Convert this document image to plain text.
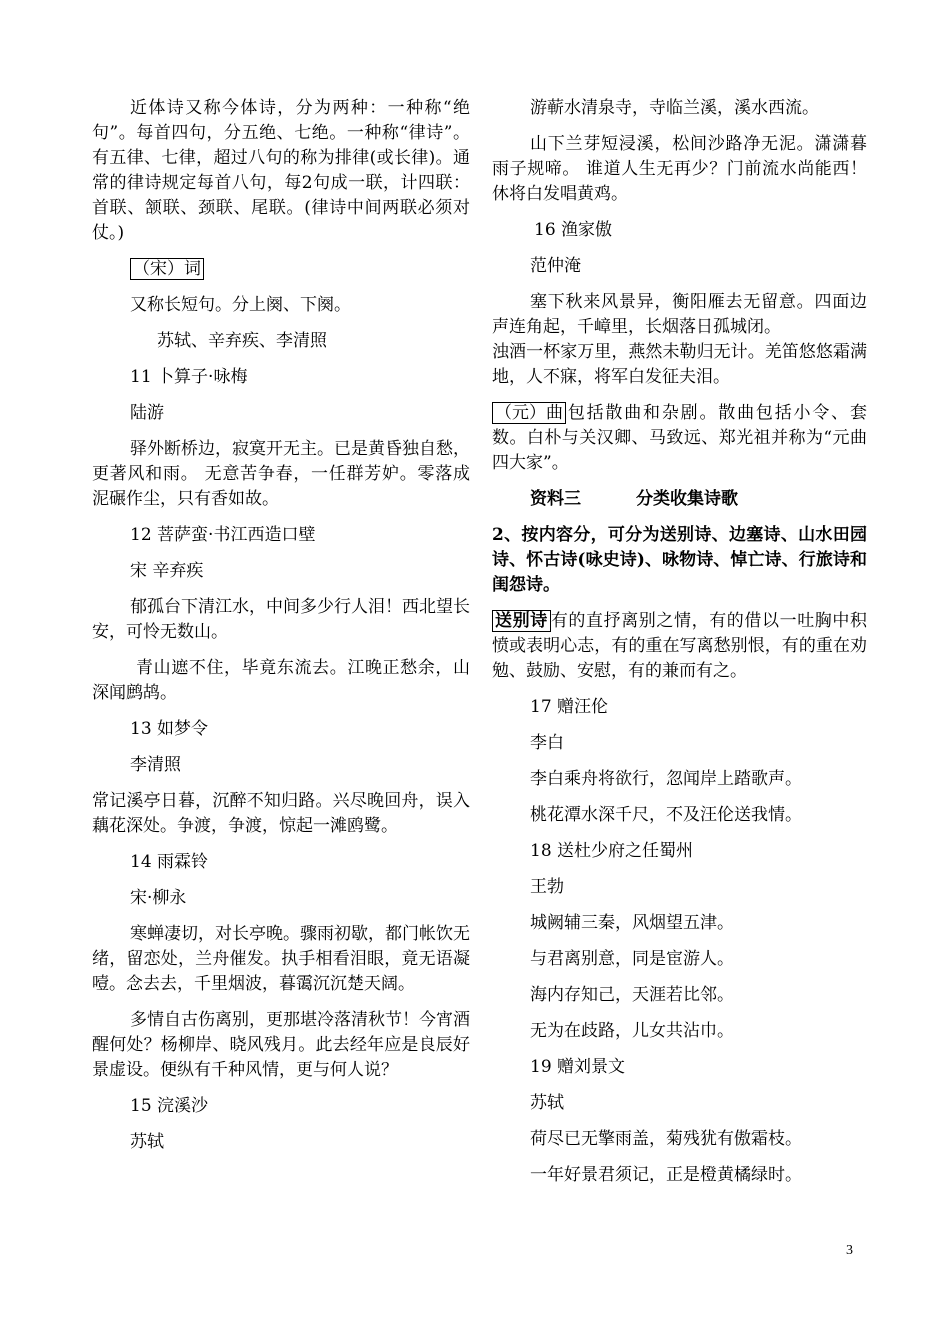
近体诗又称今体诗，分为两种：一种称“绝句”。每首四句，分五绝、七绝。一种称“律诗”。有五律、七律，超过八句的称为排律(或长律)。通常的律诗规定每首八句，每2句成一联，计四联：首联、颔联、颈联、尾联。(律诗中间两联必须对仗。)

（宋）词

又称长短句。分上阕、下阕。

苏轼、辛弃疾、李清照

11 卜算子·咏梅

陆游

驿外断桥边，寂寞开无主。已是黄昏独自愁，更著风和雨。 无意苦争春，一任群芳妒。零落成泥碾作尘，只有香如故。

12 菩萨蛮·书江西造口壁

宋 辛弃疾

郁孤台下清江水，中间多少行人泪！西北望长安，可怜无数山。

青山遮不住，毕竟东流去。江晚正愁余，山深闻鹧鸪。

13 如梦令

李清照

常记溪亭日暮，沉醉不知归路。兴尽晚回舟，误入藕花深处。争渡，争渡，惊起一滩鸥鹭。

14 雨霖铃

宋·柳永

寒蝉凄切，对长亭晚。骤雨初歇，都门帐饮无绪，留恋处，兰舟催发。执手相看泪眼，竟无语凝噎。念去去，千里烟波，暮霭沉沉楚天阔。

多情自古伤离别，更那堪冷落清秋节！今宵酒醒何处？杨柳岸、晓风残月。此去经年应是良辰好景虚设。便纵有千种风情，更与何人说？

15 浣溪沙

苏轼

游蕲水清泉寺，寺临兰溪，溪水西流。

山下兰芽短浸溪，松间沙路净无泥。潇潇暮雨子规啼。 谁道人生无再少？门前流水尚能西！休将白发唱黄鸡。

16 渔家傲

范仲淹

塞下秋来风景异，衡阳雁去无留意。四面边声连角起，千嶂里，长烟落日孤城闭。

浊酒一杯家万里，燕然未勒归无计。羌笛悠悠霜满地，人不寐，将军白发征夫泪。

（元）曲 包括散曲和杂剧。散曲包括小令、套数。白朴与关汉卿、马致远、郑光祖并称为“元曲四大家”。

资料三	分类收集诗歌

2、按内容分，可分为送别诗、边塞诗、山水田园诗、怀古诗(咏史诗)、咏物诗、悼亡诗、行旅诗和闺怨诗。

送别诗 有的直抒离别之情，有的借以一吐胸中积愤或表明心志，有的重在写离愁别恨，有的重在劝勉、鼓励、安慰，有的兼而有之。

17 赠汪伦

李白

李白乘舟将欲行，忽闻岸上踏歌声。

桃花潭水深千尺，不及汪伦送我情。

18 送杜少府之任蜀州

王勃

城阙辅三秦，风烟望五津。

与君离别意，同是宦游人。

海内存知己，天涯若比邻。

无为在歧路，儿女共沾巾。

19 赠刘景文

苏轼

荷尽已无擎雨盖，菊残犹有傲霜枝。

一年好景君须记，正是橙黄橘绿时。

3
